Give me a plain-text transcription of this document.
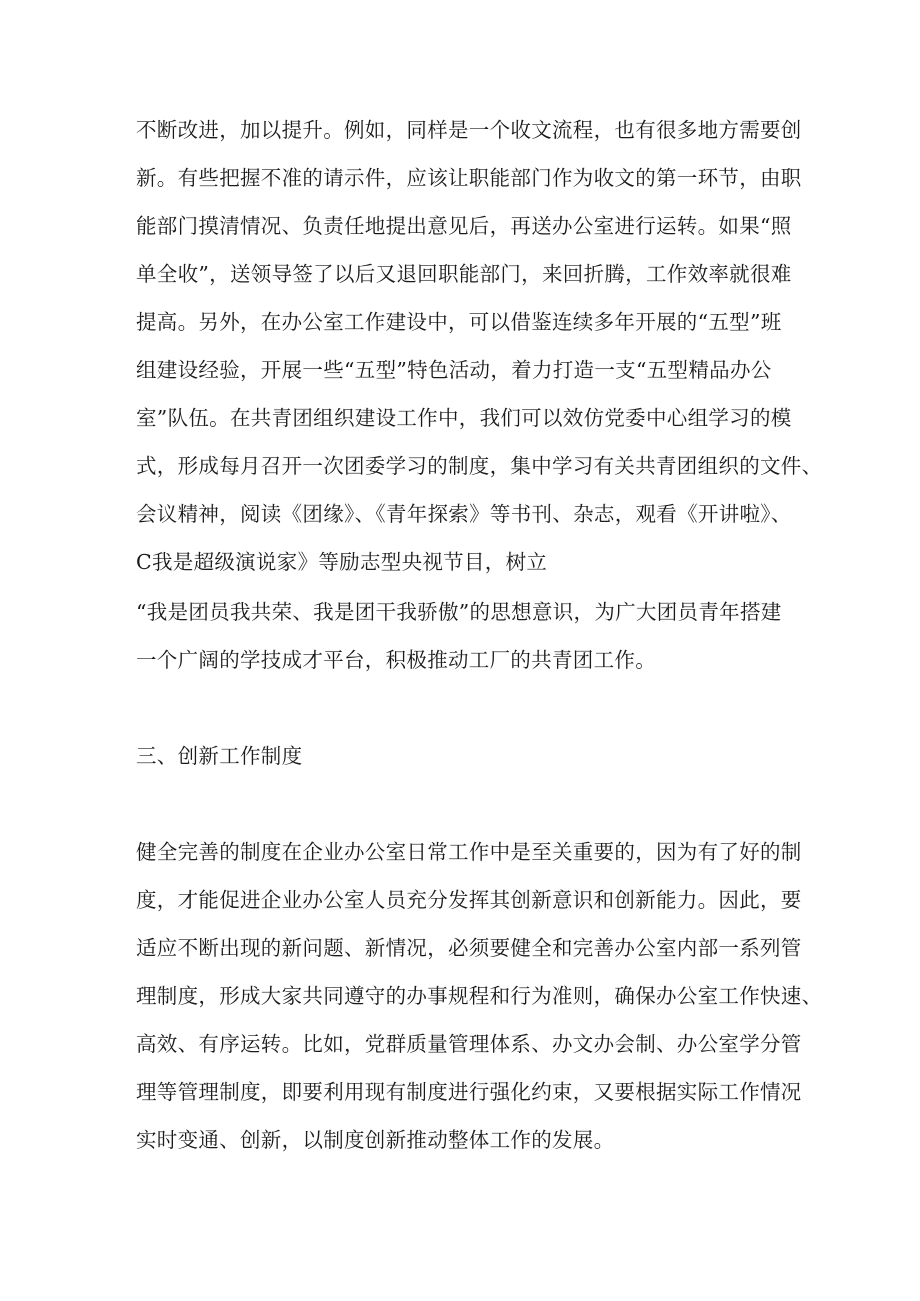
不断改进，加以提升。例如，同样是一个收文流程，也有很多地方需要创
新。有些把握不准的请示件，应该让职能部门作为收文的第一环节，由职
能部门摸清情况、负责任地提出意见后，再送办公室进行运转。如果“照
单全收”，送领导签了以后又退回职能部门，来回折腾，工作效率就很难
提高。另外，在办公室工作建设中，可以借鉴连续多年开展的“五型”班
组建设经验，开展一些“五型”特色活动，着力打造一支“五型精品办公
室”队伍。在共青团组织建设工作中，我们可以效仿党委中心组学习的模
式，形成每月召开一次团委学习的制度，集中学习有关共青团组织的文件、
会议精神，阅读《团缘》、《青年探索》等书刊、杂志，观看《开讲啦》、
C我是超级演说家》等励志型央视节目，树立
“我是团员我共荣、我是团干我骄傲”的思想意识，为广大团员青年搭建
一个广阔的学技成才平台，积极推动工厂的共青团工作。
三、创新工作制度
健全完善的制度在企业办公室日常工作中是至关重要的，因为有了好的制
度，才能促进企业办公室人员充分发挥其创新意识和创新能力。因此，要
适应不断出现的新问题、新情况，必须要健全和完善办公室内部一系列管
理制度，形成大家共同遵守的办事规程和行为准则，确保办公室工作快速、
高效、有序运转。比如，党群质量管理体系、办文办会制、办公室学分管
理等管理制度，即要利用现有制度进行强化约束，又要根据实际工作情况
实时变通、创新，以制度创新推动整体工作的发展。
